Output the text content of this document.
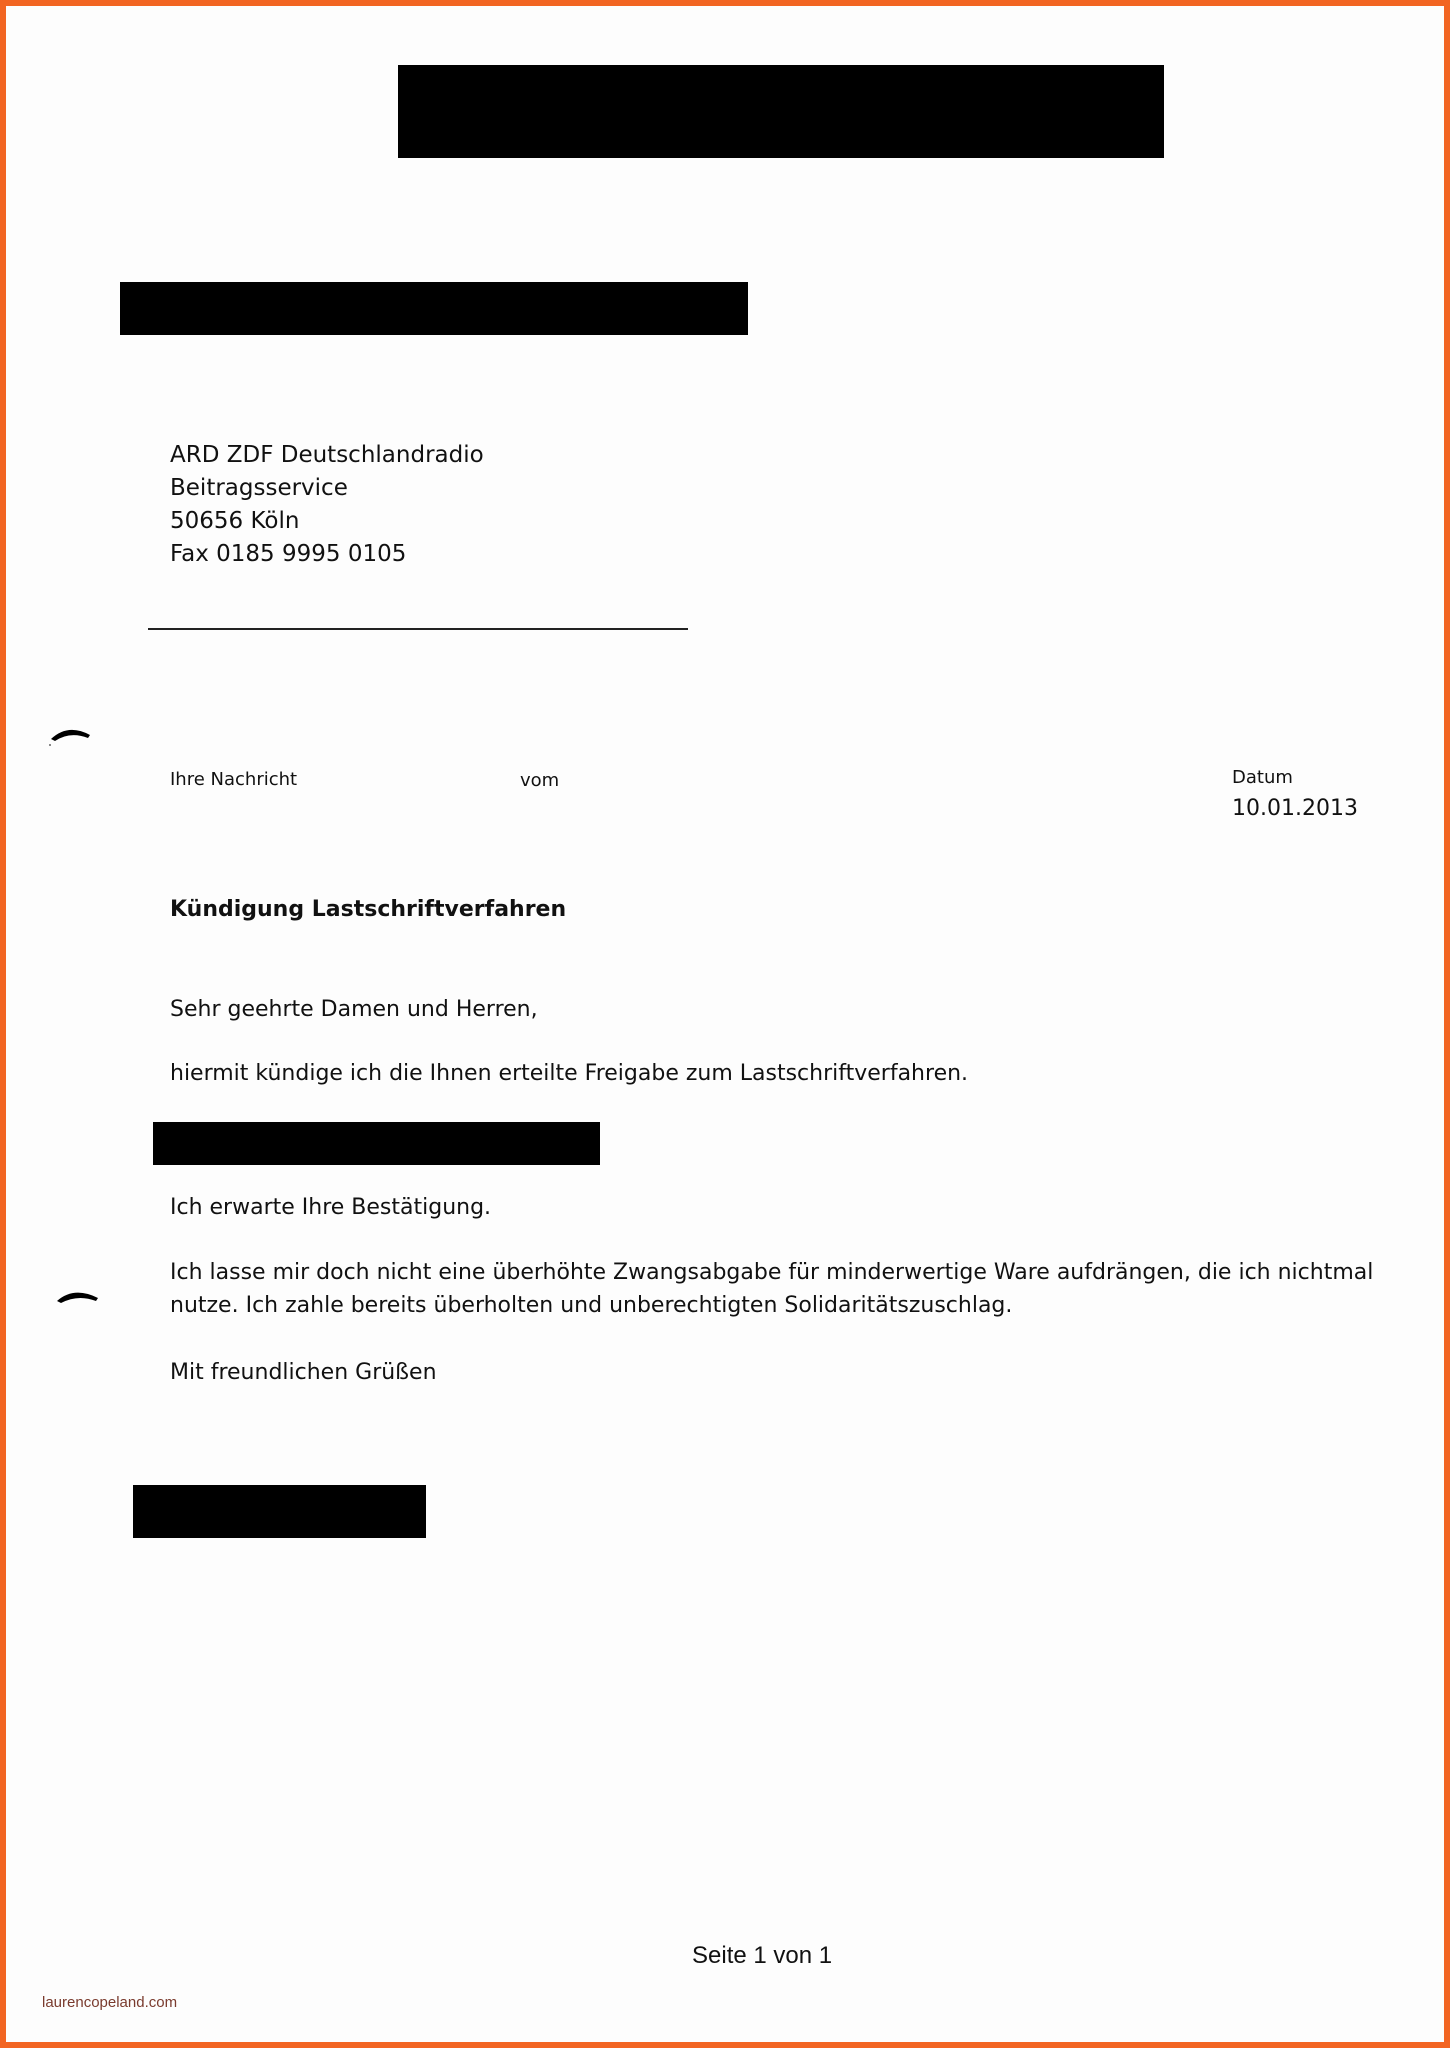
ARD ZDF Deutschlandradio
Beitragsservice
50656 Köln
Fax 0185 9995 0105
Ihre Nachricht	vom	Datum
10.01.2013
Kündigung Lastschriftverfahren
Sehr geehrte Damen und Herren,
hiermit kündige ich die Ihnen erteilte Freigabe zum Lastschriftverfahren.
Ich erwarte Ihre Bestätigung.
Ich lasse mir doch nicht eine überhöhte Zwangsabgabe für minderwertige Ware aufdrängen, die ich nichtmal
nutze. Ich zahle bereits überholten und unberechtigten Solidaritätszuschlag.
Mit freundlichen Grüßen
Seite 1 von 1
laurencopeland.com
